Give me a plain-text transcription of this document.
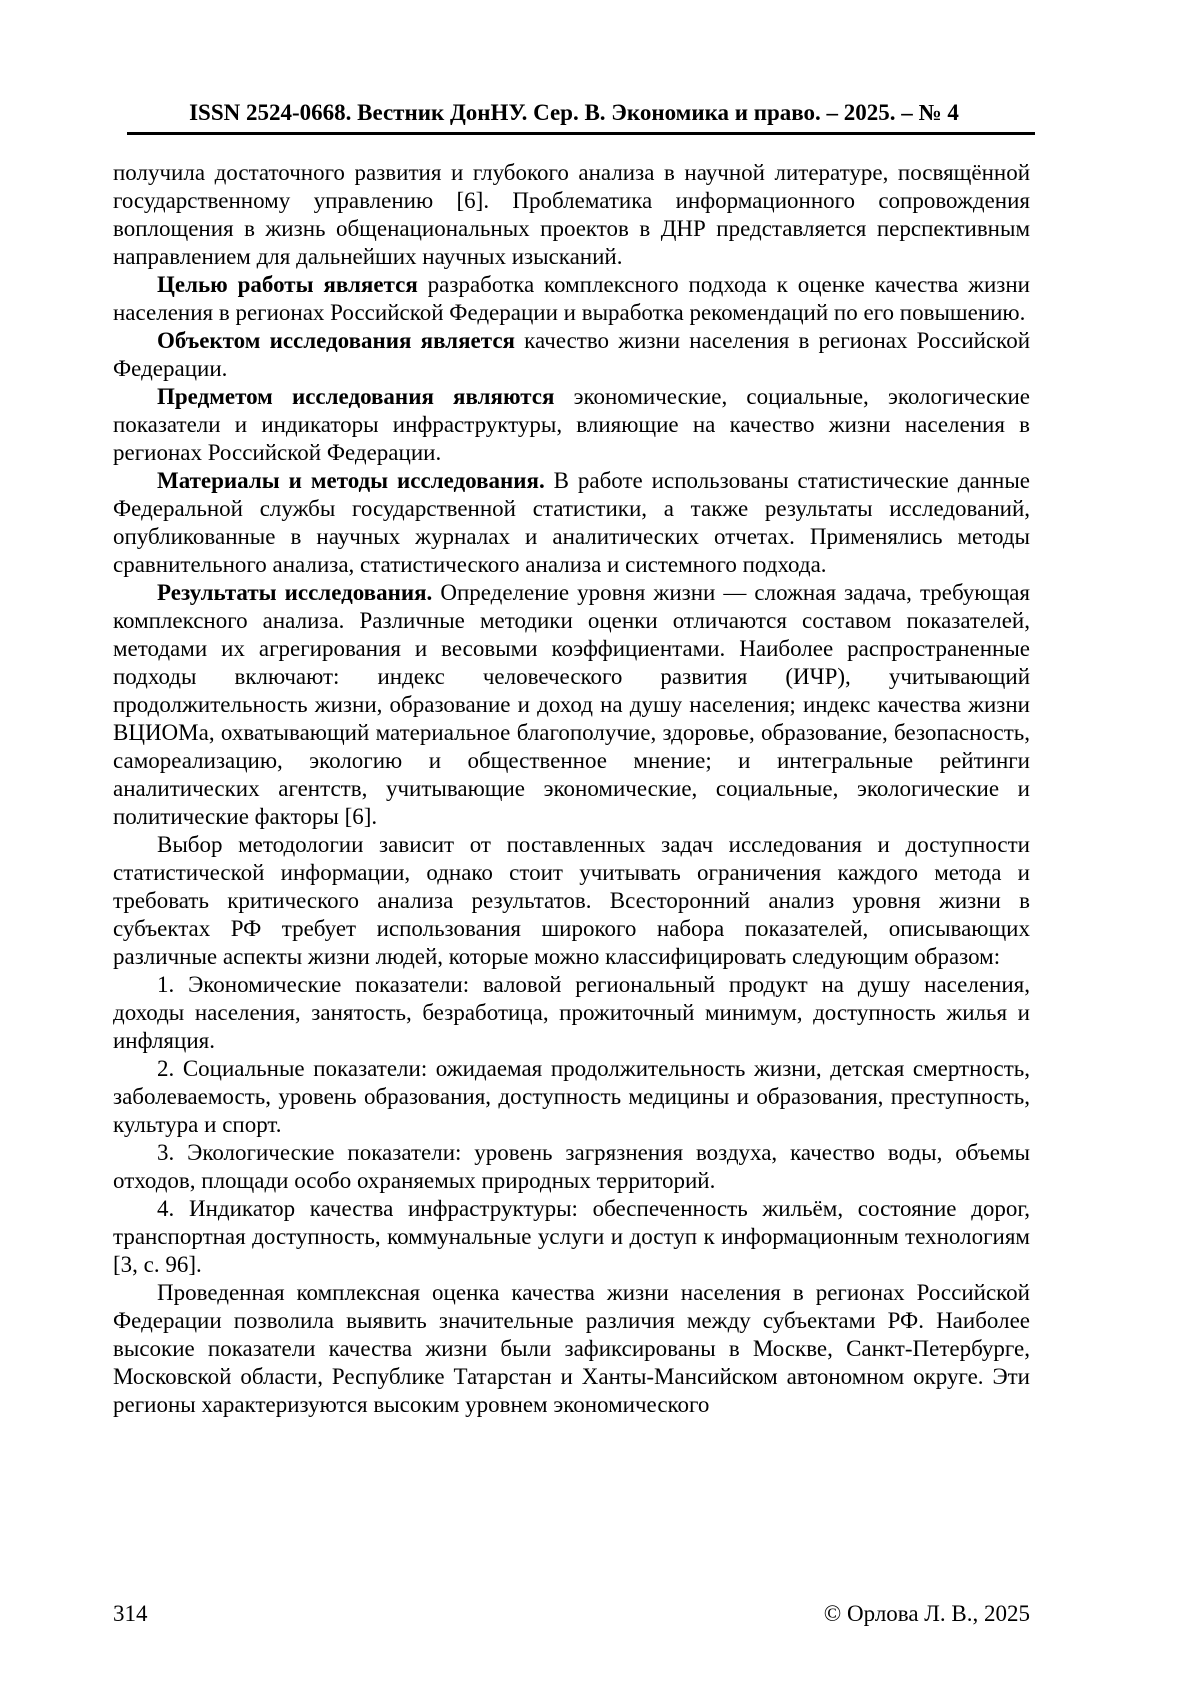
ISSN 2524-0668. Вестник ДонНУ. Сер. В. Экономика и право. – 2025. – № 4

получила достаточного развития и глубокого анализа в научной литературе, посвящённой государственному управлению [6]. Проблематика информационного сопровождения воплощения в жизнь общенациональных проектов в ДНР представляется перспективным направлением для дальнейших научных изысканий.

Целью работы является разработка комплексного подхода к оценке качества жизни населения в регионах Российской Федерации и выработка рекомендаций по его повышению.

Объектом исследования является качество жизни населения в регионах Российской Федерации.

Предметом исследования являются экономические, социальные, экологические показатели и индикаторы инфраструктуры, влияющие на качество жизни населения в регионах Российской Федерации.

Материалы и методы исследования. В работе использованы статистические данные Федеральной службы государственной статистики, а также результаты исследований, опубликованные в научных журналах и аналитических отчетах. Применялись методы сравнительного анализа, статистического анализа и системного подхода.

Результаты исследования. Определение уровня жизни — сложная задача, требующая комплексного анализа. Различные методики оценки отличаются составом показателей, методами их агрегирования и весовыми коэффициентами. Наиболее распространенные подходы включают: индекс человеческого развития (ИЧР), учитывающий продолжительность жизни, образование и доход на душу населения; индекс качества жизни ВЦИОМа, охватывающий материальное благополучие, здоровье, образование, безопасность, самореализацию, экологию и общественное мнение; и интегральные рейтинги аналитических агентств, учитывающие экономические, социальные, экологические и политические факторы [6].

Выбор методологии зависит от поставленных задач исследования и доступности статистической информации, однако стоит учитывать ограничения каждого метода и требовать критического анализа результатов. Всесторонний анализ уровня жизни в субъектах РФ требует использования широкого набора показателей, описывающих различные аспекты жизни людей, которые можно классифицировать следующим образом:

1. Экономические показатели: валовой региональный продукт на душу населения, доходы населения, занятость, безработица, прожиточный минимум, доступность жилья и инфляция.

2. Социальные показатели: ожидаемая продолжительность жизни, детская смертность, заболеваемость, уровень образования, доступность медицины и образования, преступность, культура и спорт.

3. Экологические показатели: уровень загрязнения воздуха, качество воды, объемы отходов, площади особо охраняемых природных территорий.

4. Индикатор качества инфраструктуры: обеспеченность жильём, состояние дорог, транспортная доступность, коммунальные услуги и доступ к информационным технологиям [3, с. 96].

Проведенная комплексная оценка качества жизни населения в регионах Российской Федерации позволила выявить значительные различия между субъектами РФ. Наиболее высокие показатели качества жизни были зафиксированы в Москве, Санкт-Петербурге, Московской области, Республике Татарстан и Ханты-Мансийском автономном округе. Эти регионы характеризуются высоким уровнем экономического

314	© Орлова Л. В., 2025
